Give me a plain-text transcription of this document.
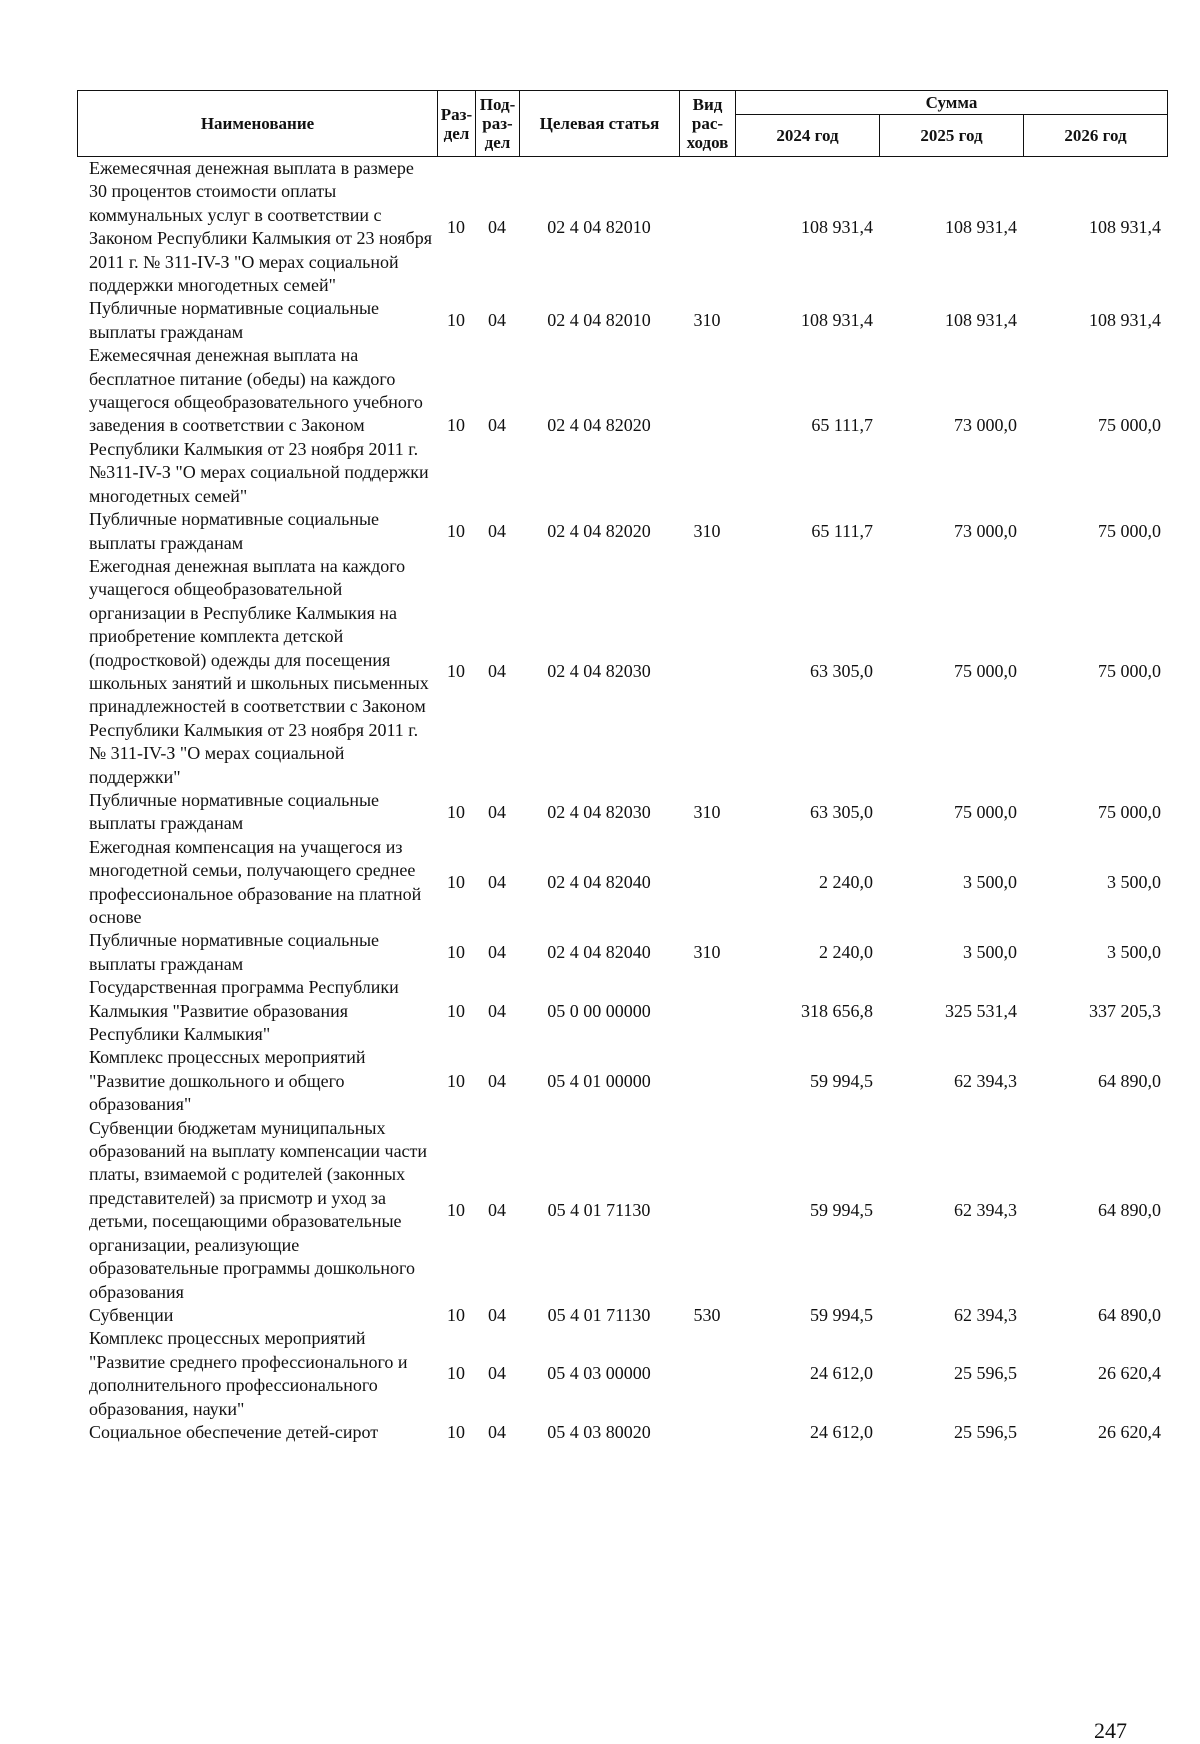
Наименование	Раз- дел	Под- раз- дел	Целевая статья	Вид рас- ходов	Сумма		
					2024 год	2025 год	2026 год
Ежемесячная денежная выплата в размере 30 процентов стоимости оплаты коммунальных услуг в соответствии с Законом Республики Калмыкия от 23 ноября 2011 г. № 311-IV-З "О мерах социальной поддержки многодетных семей"	10	04	02 4 04 82010		108 931,4	108 931,4	108 931,4
Публичные нормативные социальные выплаты гражданам	10	04	02 4 04 82010	310	108 931,4	108 931,4	108 931,4
Ежемесячная денежная выплата на бесплатное питание (обеды) на каждого учащегося общеобразовательного учебного заведения в соответствии с Законом Республики Калмыкия от 23 ноября 2011 г. №311-IV-З "О мерах социальной поддержки многодетных семей"	10	04	02 4 04 82020		65 111,7	73 000,0	75 000,0
Публичные нормативные социальные выплаты гражданам	10	04	02 4 04 82020	310	65 111,7	73 000,0	75 000,0
Ежегодная денежная выплата на каждого учащегося общеобразовательной организации в Республике Калмыкия на приобретение комплекта детской (подростковой) одежды для посещения школьных занятий и школьных письменных принадлежностей в соответствии с Законом Республики Калмыкия от 23 ноября 2011 г. № 311-IV-З "О мерах социальной поддержки"	10	04	02 4 04 82030		63 305,0	75 000,0	75 000,0
Публичные нормативные социальные выплаты гражданам	10	04	02 4 04 82030	310	63 305,0	75 000,0	75 000,0
Ежегодная компенсация на учащегося из многодетной семьи, получающего среднее профессиональное образование на платной основе	10	04	02 4 04 82040		2 240,0	3 500,0	3 500,0
Публичные нормативные социальные выплаты гражданам	10	04	02 4 04 82040	310	2 240,0	3 500,0	3 500,0
Государственная программа Республики Калмыкия "Развитие образования Республики Калмыкия"	10	04	05 0 00 00000		318 656,8	325 531,4	337 205,3
Комплекс процессных мероприятий "Развитие дошкольного и общего образования"	10	04	05 4 01 00000		59 994,5	62 394,3	64 890,0
Субвенции бюджетам муниципальных образований на выплату компенсации части платы, взимаемой с родителей (законных представителей) за присмотр и уход за детьми, посещающими образовательные организации, реализующие образовательные программы дошкольного образования	10	04	05 4 01 71130		59 994,5	62 394,3	64 890,0
Субвенции	10	04	05 4 01 71130	530	59 994,5	62 394,3	64 890,0
Комплекс процессных мероприятий "Развитие среднего профессионального и дополнительного профессионального образования, науки"	10	04	05 4 03 00000		24 612,0	25 596,5	26 620,4
Социальное обеспечение детей-сирот	10	04	05 4 03 80020		24 612,0	25 596,5	26 620,4
247
